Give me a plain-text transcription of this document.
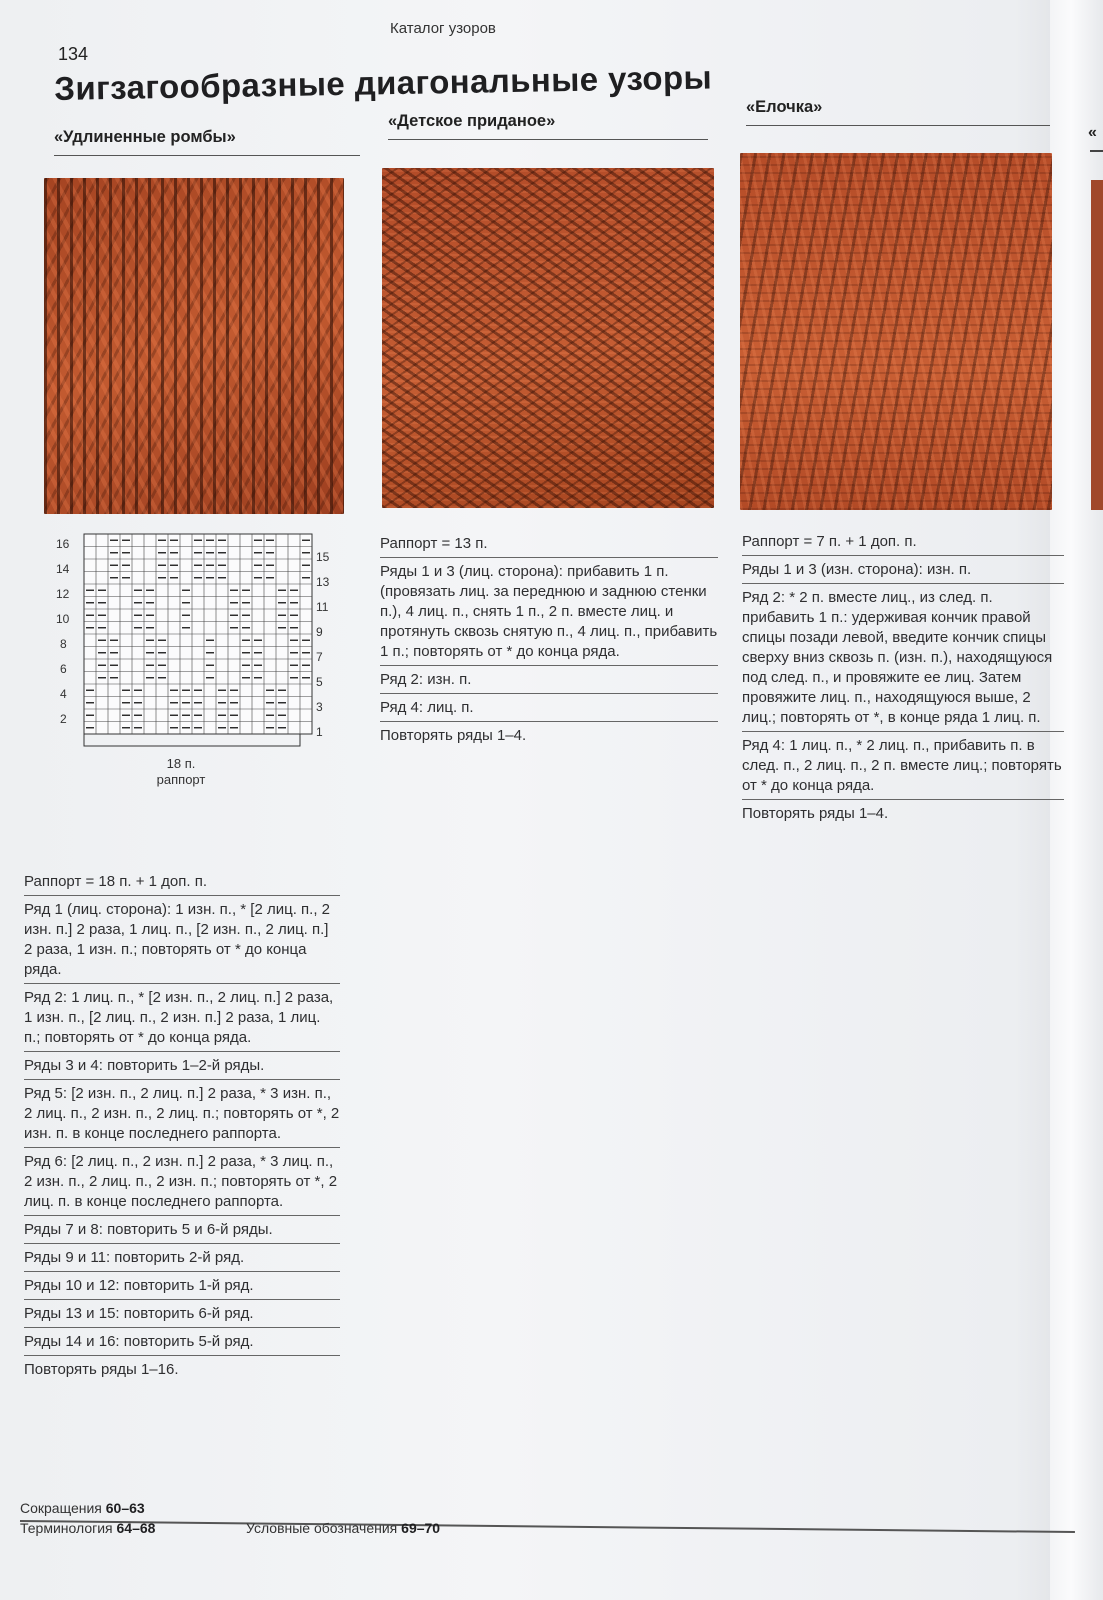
«
Каталог узоров
134
Зигзагообразные диагональные узоры
«Удлиненные ромбы»
«Детское приданое»
«Елочка»
16
14
12
10
8
6
4
2
15
13
11
9
7
5
3
1
18 п.
раппорт

Раппорт = 18 п. + 1 доп. п.

Ряд 1 (лиц. сторона): 1 изн. п., * [2 лиц. п., 2 изн. п.] 2 раза, 1 лиц. п., [2 изн. п., 2 лиц. п.] 2 раза, 1 изн. п.; повторять от * до конца ряда.

Ряд 2: 1 лиц. п., * [2 изн. п., 2 лиц. п.] 2 раза, 1 изн. п., [2 лиц. п., 2 изн. п.] 2 раза, 1 лиц. п.; повторять от * до конца ряда.

Ряды 3 и 4: повторить 1–2-й ряды.

Ряд 5: [2 изн. п., 2 лиц. п.] 2 раза, * 3 изн. п., 2 лиц. п., 2 изн. п., 2 лиц. п.; повторять от *, 2 изн. п. в конце последнего раппорта.

Ряд 6: [2 лиц. п., 2 изн. п.] 2 раза, * 3 лиц. п., 2 изн. п., 2 лиц. п., 2 изн. п.; повторять от *, 2 лиц. п. в конце последнего раппорта.

Ряды 7 и 8: повторить 5 и 6-й ряды.

Ряды 9 и 11: повторить 2-й ряд.

Ряды 10 и 12: повторить 1-й ряд.

Ряды 13 и 15: повторить 6-й ряд.

Ряды 14 и 16: повторить 5-й ряд.

Повторять ряды 1–16.

Раппорт = 13 п.

Ряды 1 и 3 (лиц. сторона): прибавить 1 п. (провязать лиц. за переднюю и заднюю стенки п.), 4 лиц. п., снять 1 п., 2 п. вместе лиц. и протянуть сквозь снятую п., 4 лиц. п., прибавить 1 п.; повторять от * до конца ряда.

Ряд 2: изн. п.

Ряд 4: лиц. п.

Повторять ряды 1–4.

Раппорт = 7 п. + 1 доп. п.

Ряды 1 и 3 (изн. сторона): изн. п.

Ряд 2: * 2 п. вместе лиц., из след. п. прибавить 1 п.: удерживая кончик правой спицы позади левой, введите кончик спицы сверху вниз сквозь п. (изн. п.), находящуюся под след. п., и провяжите ее лиц. Затем провяжите лиц. п., находящуюся выше, 2 лиц.; повторять от *, в конце ряда 1 лиц. п.

Ряд 4: 1 лиц. п., * 2 лиц. п., прибавить п. в след. п., 2 лиц. п., 2 п. вместе лиц.; повторять от * до конца ряда.

Повторять ряды 1–4.

Сокращения 60–63
Терминология 64–68	Условные обозначения 69–70
